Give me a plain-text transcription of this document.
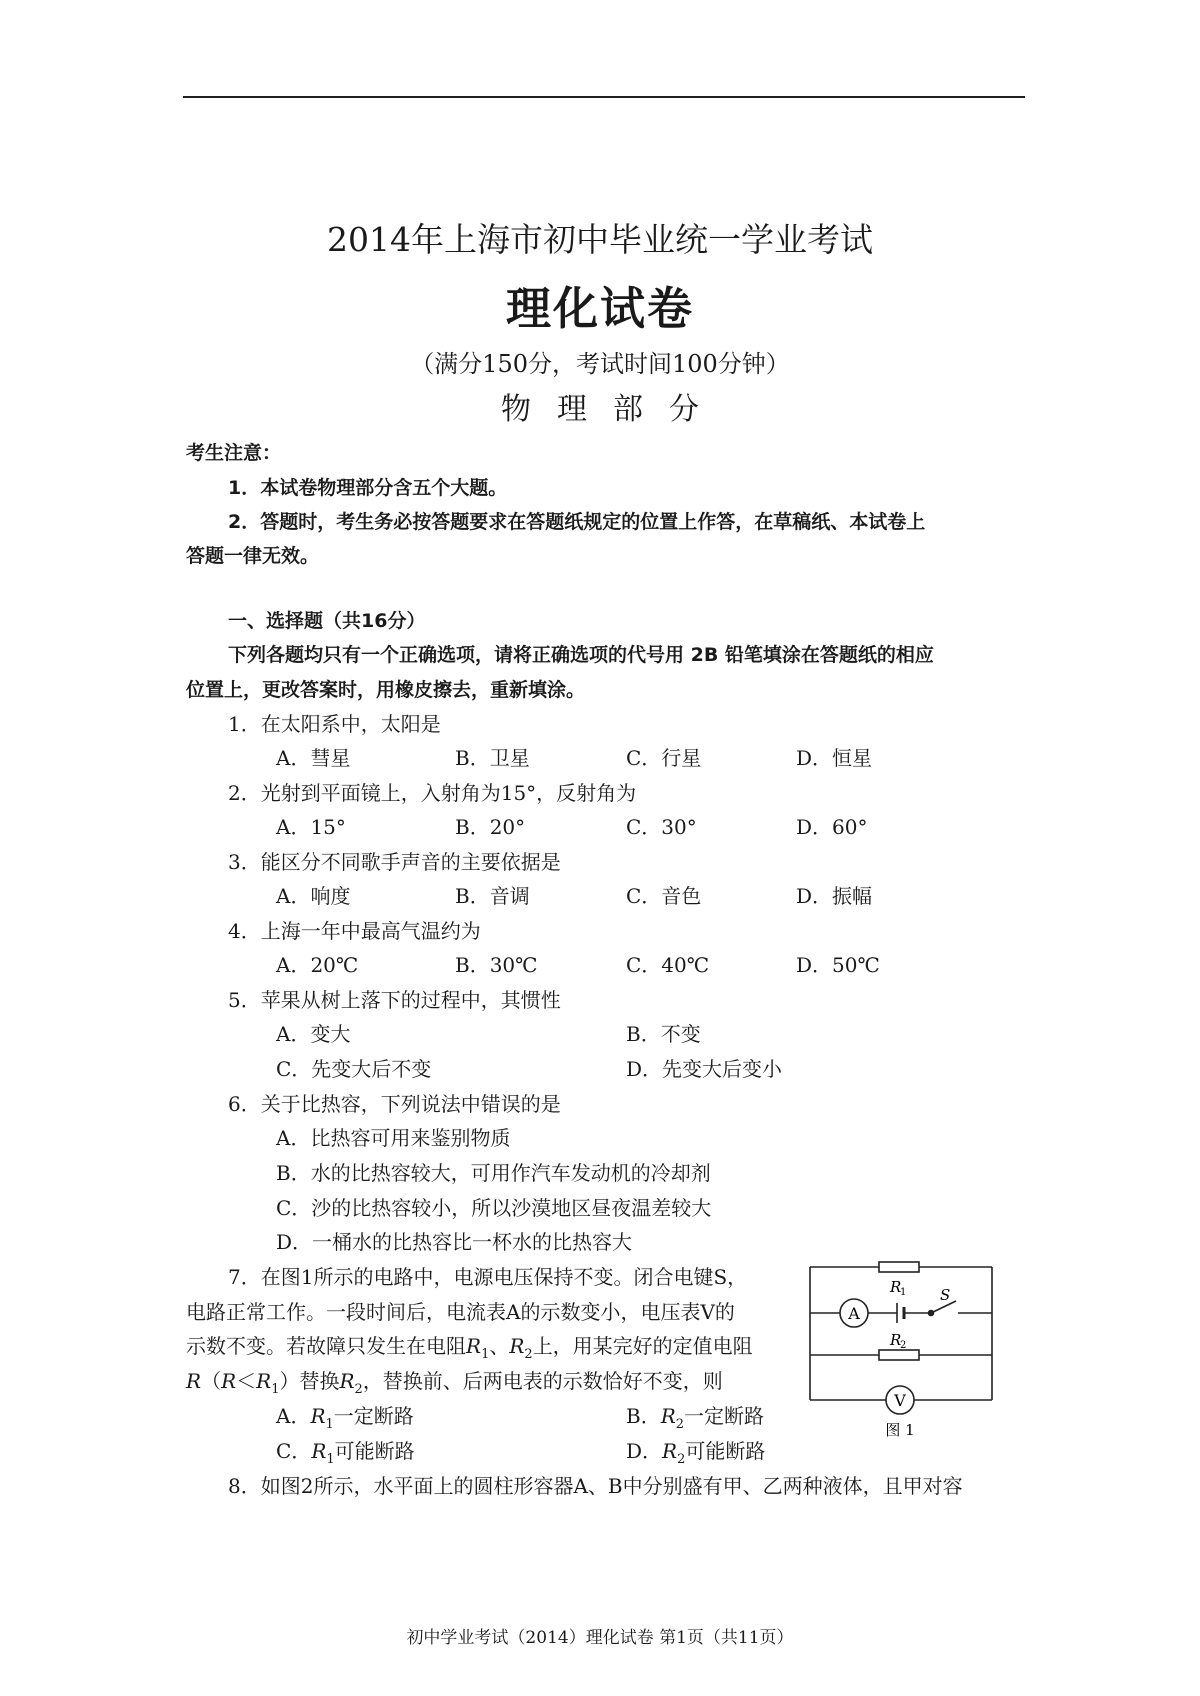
2014年上海市初中毕业统一学业考试
理化试卷
（满分150分，考试时间100分钟）
物理部分
考生注意：
1．本试卷物理部分含五个大题。
2．答题时，考生务必按答题要求在答题纸规定的位置上作答，在草稿纸、本试卷上
答题一律无效。
一、选择题（共16分）
下列各题均只有一个正确选项，请将正确选项的代号用 2B 铅笔填涂在答题纸的相应
位置上，更改答案时，用橡皮擦去，重新填涂。
1．在太阳系中，太阳是
A．彗星	B．卫星	C．行星	D．恒星
2．光射到平面镜上，入射角为15°，反射角为
A．15°	B．20°	C．30°	D．60°
3．能区分不同歌手声音的主要依据是
A．响度	B．音调	C．音色	D．振幅
4．上海一年中最高气温约为
A．20℃	B．30℃	C．40℃	D．50℃
5．苹果从树上落下的过程中，其惯性
A．变大	B．不变
C．先变大后不变	D．先变大后变小
6．关于比热容，下列说法中错误的是
A．比热容可用来鉴别物质
B．水的比热容较大，可用作汽车发动机的冷却剂
C．沙的比热容较小，所以沙漠地区昼夜温差较大
D．一桶水的比热容比一杯水的比热容大
7．在图1所示的电路中，电源电压保持不变。闭合电键S，
电路正常工作。一段时间后，电流表A的示数变小，电压表V的
示数不变。若故障只发生在电阻$R_1$、$R_2$上，用某完好的定值电阻
$R(R<R_1)$替换$R_2$，替换前、后两电表的示数恰好不变，则
A．$R_1$一定断路	B．$R_2$一定断路
C．$R_1$可能断路	D．$R_2$可能断路
A
V
R
1 S
R
2
图 1
8．如图2所示，水平面上的圆柱形容器A、B中分别盛有甲、乙两种液体，且甲对容
初中学业考试（2014）理化试卷 第1页（共11页）
